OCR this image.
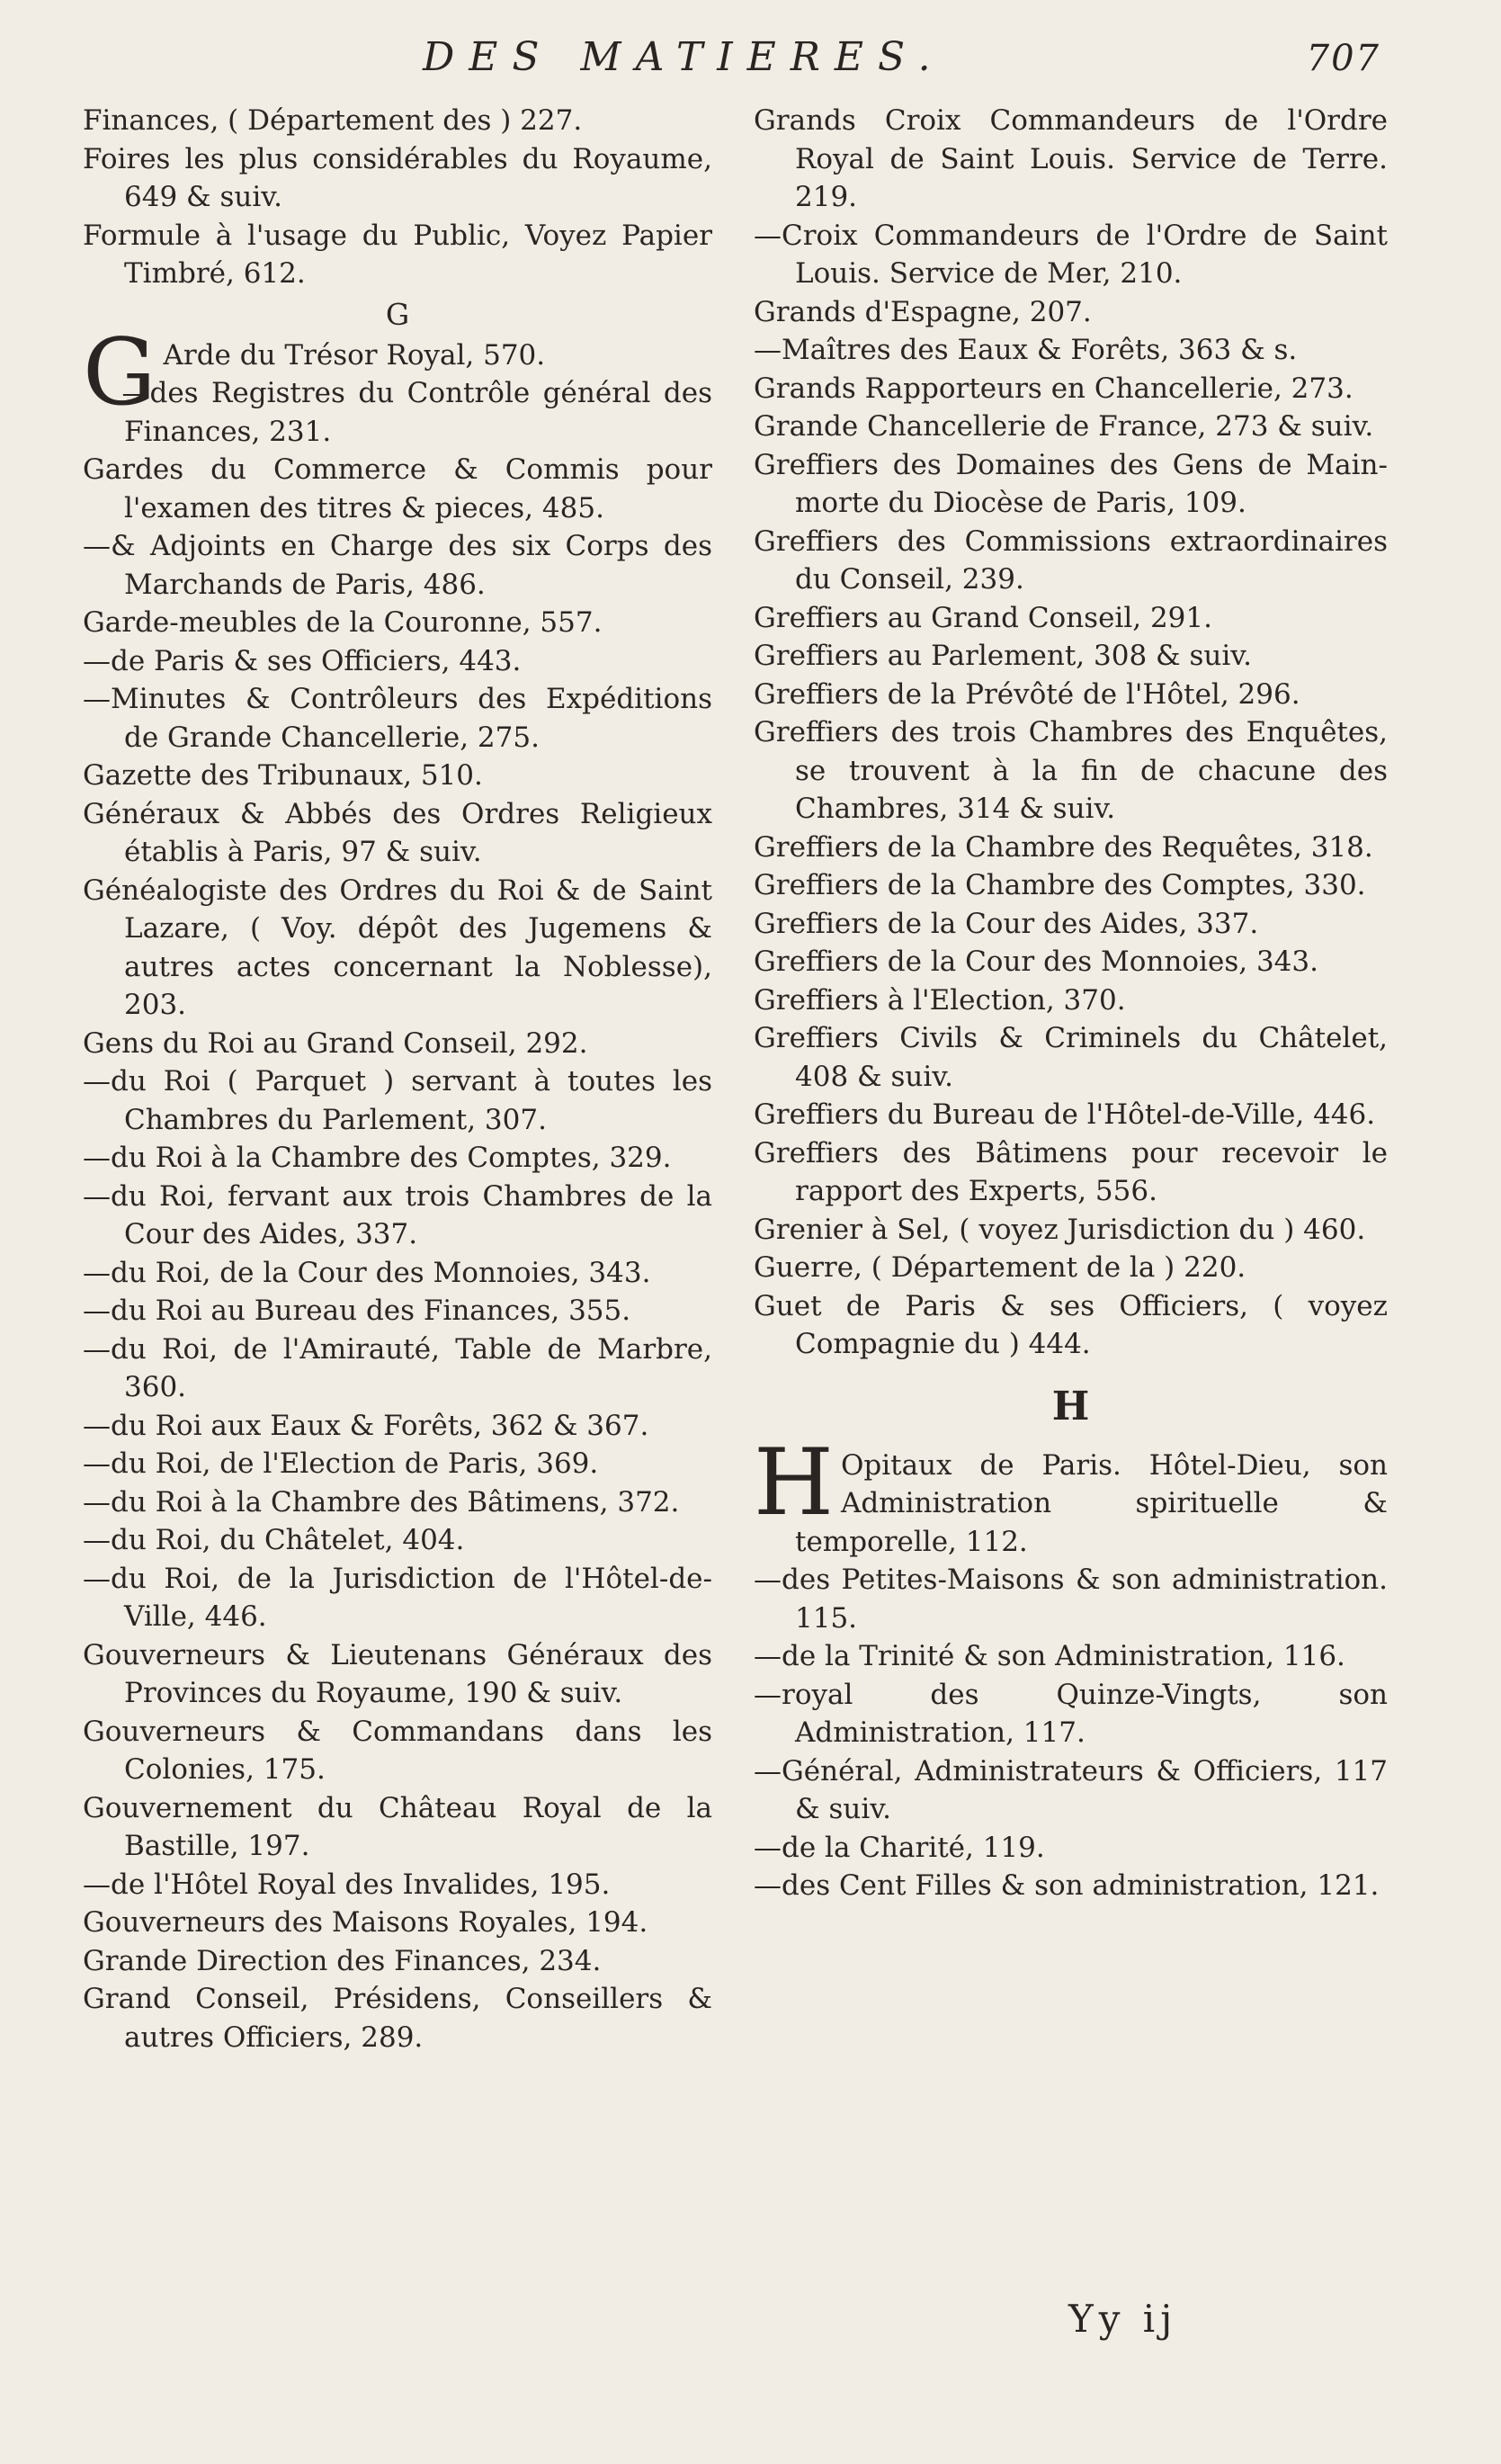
DES MATIERES.	707

Finances, ( Département des ) 227.

Foires les plus considérables du Royaume, 649 & suiv.

Formule à l'usage du Public, Voyez Papier Timbré, 612.

G

G Arde du Trésor Royal, 570.

—des Registres du Contrôle général des Finances, 231.

Gardes du Commerce & Commis pour l'examen des titres & pieces, 485.

—& Adjoints en Charge des six Corps des Marchands de Paris, 486.

Garde-meubles de la Couronne, 557.

—de Paris & ses Officiers, 443.

—Minutes & Contrôleurs des Expéditions de Grande Chancellerie, 275.

Gazette des Tribunaux, 510.

Généraux & Abbés des Ordres Religieux établis à Paris, 97 & suiv.

Généalogiste des Ordres du Roi & de Saint Lazare, ( Voy. dépôt des Jugemens & autres actes concernant la Noblesse), 203.

Gens du Roi au Grand Conseil, 292.

—du Roi ( Parquet ) servant à toutes les Chambres du Parlement, 307.

—du Roi à la Chambre des Comptes, 329.

—du Roi, fervant aux trois Chambres de la Cour des Aides, 337.

—du Roi, de la Cour des Monnoies, 343.

—du Roi au Bureau des Finances, 355.

—du Roi, de l'Amirauté, Table de Marbre, 360.

—du Roi aux Eaux & Forêts, 362 & 367.

—du Roi, de l'Election de Paris, 369.

—du Roi à la Chambre des Bâtimens, 372.

—du Roi, du Châtelet, 404.

—du Roi, de la Jurisdiction de l'Hôtel-de-Ville, 446.

Gouverneurs & Lieutenans Généraux des Provinces du Royaume, 190 & suiv.

Gouverneurs & Commandans dans les Colonies, 175.

Gouvernement du Château Royal de la Bastille, 197.

—de l'Hôtel Royal des Invalides, 195.

Gouverneurs des Maisons Royales, 194.

Grande Direction des Finances, 234.

Grand Conseil, Présidens, Conseillers & autres Officiers, 289.

Grands Croix Commandeurs de l'Ordre Royal de Saint Louis. Service de Terre. 219.

—Croix Commandeurs de l'Ordre de Saint Louis. Service de Mer, 210.

Grands d'Espagne, 207.

—Maîtres des Eaux & Forêts, 363 & s.

Grands Rapporteurs en Chancellerie, 273.

Grande Chancellerie de France, 273 & suiv.

Greffiers des Domaines des Gens de Main-morte du Diocèse de Paris, 109.

Greffiers des Commissions extraordinaires du Conseil, 239.

Greffiers au Grand Conseil, 291.

Greffiers au Parlement, 308 & suiv.

Greffiers de la Prévôté de l'Hôtel, 296.

Greffiers des trois Chambres des Enquêtes, se trouvent à la fin de chacune des Chambres, 314 & suiv.

Greffiers de la Chambre des Requêtes, 318.

Greffiers de la Chambre des Comptes, 330.

Greffiers de la Cour des Aides, 337.

Greffiers de la Cour des Monnoies, 343.

Greffiers à l'Election, 370.

Greffiers Civils & Criminels du Châtelet, 408 & suiv.

Greffiers du Bureau de l'Hôtel-de-Ville, 446.

Greffiers des Bâtimens pour recevoir le rapport des Experts, 556.

Grenier à Sel, ( voyez Jurisdiction du ) 460.

Guerre, ( Département de la ) 220.

Guet de Paris & ses Officiers, ( voyez Compagnie du ) 444.

H

H Opitaux de Paris. Hôtel-Dieu, son Administration spirituelle & temporelle, 112.

—des Petites-Maisons & son administration. 115.

—de la Trinité & son Administration, 116.

—royal des Quinze-Vingts, son Administration, 117.

—Général, Administrateurs & Officiers, 117 & suiv.

—de la Charité, 119.

—des Cent Filles & son administration, 121.

Yy ij
